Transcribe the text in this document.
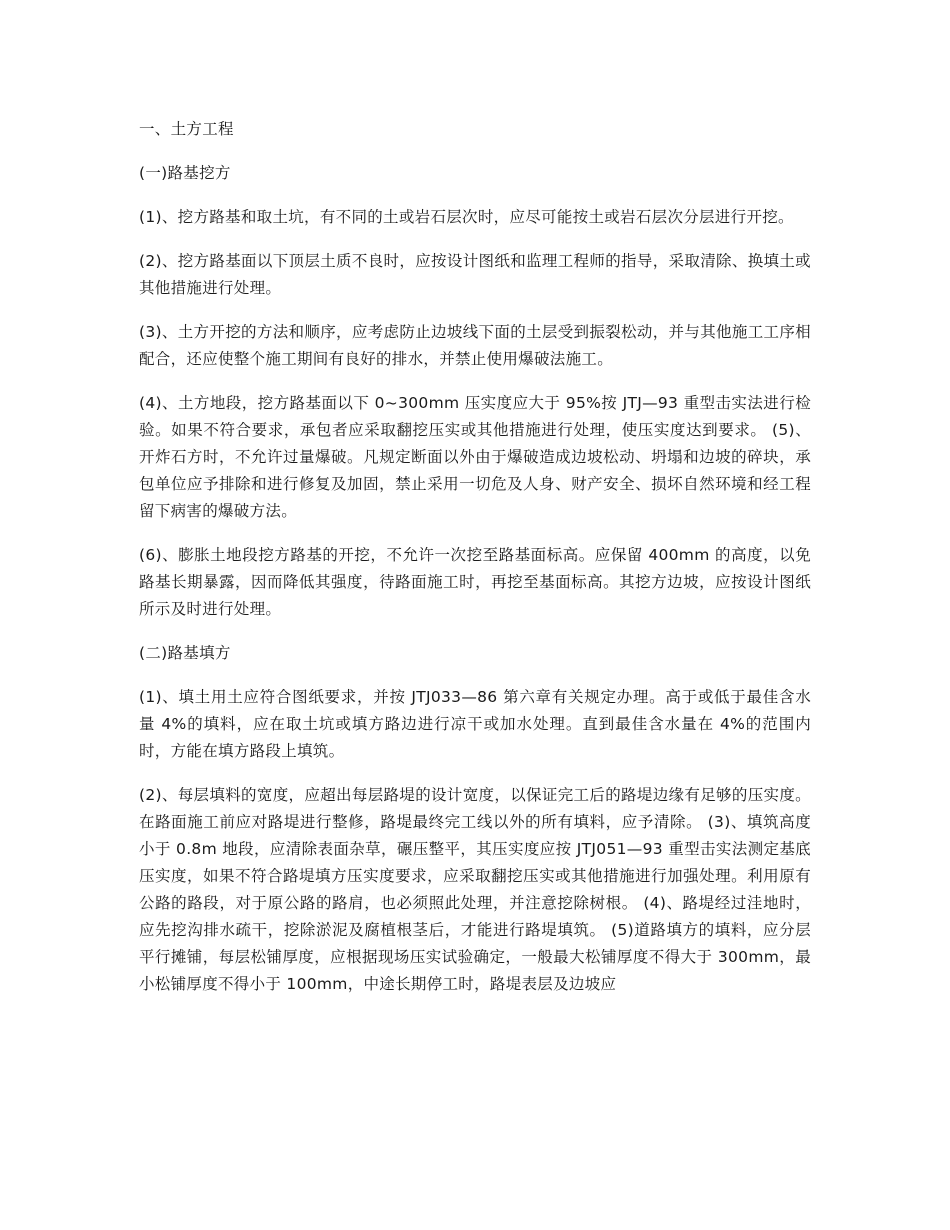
一、土方工程

(一)路基挖方

(1)、挖方路基和取土坑，有不同的土或岩石层次时，应尽可能按土或岩石层次分层进行开挖。

(2)、挖方路基面以下顶层土质不良时，应按设计图纸和监理工程师的指导，采取清除、换填土或其他措施进行处理。

(3)、土方开挖的方法和顺序，应考虑防止边坡线下面的土层受到振裂松动，并与其他施工工序相配合，还应使整个施工期间有良好的排水，并禁止使用爆破法施工。

(4)、土方地段，挖方路基面以下 0~300mm 压实度应大于 95%按 JTJ—93 重型击实法进行检验。如果不符合要求，承包者应采取翻挖压实或其他措施进行处理，使压实度达到要求。 (5)、开炸石方时，不允许过量爆破。凡规定断面以外由于爆破造成边坡松动、坍塌和边坡的碎块，承包单位应予排除和进行修复及加固，禁止采用一切危及人身、财产安全、损坏自然环境和经工程留下病害的爆破方法。

(6)、膨胀土地段挖方路基的开挖，不允许一次挖至路基面标高。应保留 400mm 的高度，以免路基长期暴露，因而降低其强度，待路面施工时，再挖至基面标高。其挖方边坡，应按设计图纸所示及时进行处理。

(二)路基填方

(1)、填土用土应符合图纸要求，并按 JTJ033—86 第六章有关规定办理。高于或低于最佳含水量 4%的填料，应在取土坑或填方路边进行凉干或加水处理。直到最佳含水量在 4%的范围内时，方能在填方路段上填筑。

(2)、每层填料的宽度，应超出每层路堤的设计宽度，以保证完工后的路堤边缘有足够的压实度。在路面施工前应对路堤进行整修，路堤最终完工线以外的所有填料，应予清除。 (3)、填筑高度小于 0.8m 地段，应清除表面杂草，碾压整平，其压实度应按 JTJ051—93 重型击实法测定基底压实度，如果不符合路堤填方压实度要求，应采取翻挖压实或其他措施进行加强处理。利用原有公路的路段，对于原公路的路肩，也必须照此处理，并注意挖除树根。 (4)、路堤经过洼地时，应先挖沟排水疏干，挖除淤泥及腐植根茎后，才能进行路堤填筑。 (5)道路填方的填料，应分层平行摊铺，每层松铺厚度，应根据现场压实试验确定，一般最大松铺厚度不得大于 300mm，最小松铺厚度不得小于 100mm，中途长期停工时，路堤表层及边坡应
